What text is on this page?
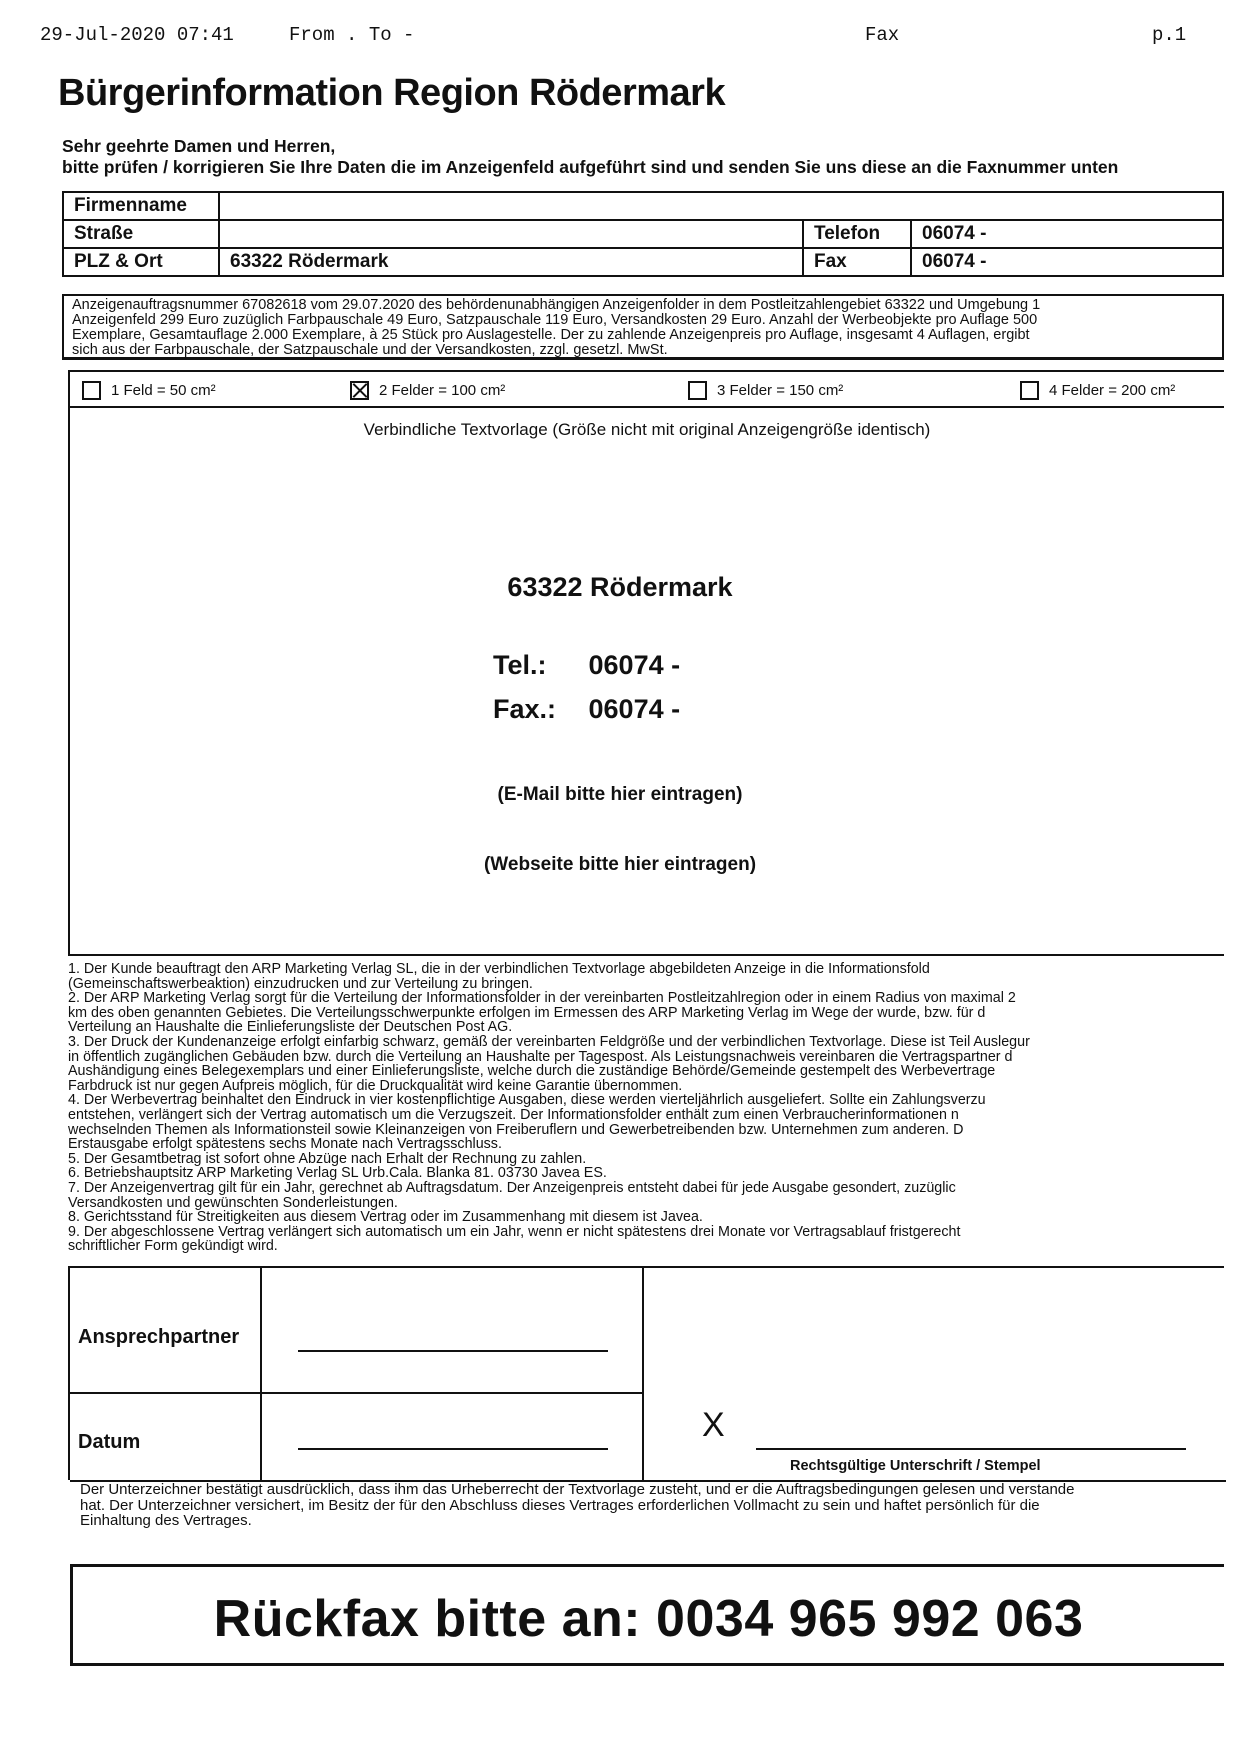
29-Jul-2020 07:41	From . To -	Fax	p.1
Bürgerinformation Region Rödermark
Sehr geehrte Damen und Herren,
bitte prüfen / korrigieren Sie Ihre Daten die im Anzeigenfeld aufgeführt sind und senden Sie uns diese an die Faxnummer unten
Firmenname			
Straße		Telefon	06074 -
PLZ & Ort	63322 Rödermark	Fax	06074 -
Anzeigenauftragsnummer 67082618 vom 29.07.2020 des behördenunabhängigen Anzeigenfolder in dem Postleitzahlengebiet 63322 und Umgebung 1
Anzeigenfeld 299 Euro zuzüglich Farbpauschale 49 Euro, Satzpauschale 119 Euro, Versandkosten 29 Euro. Anzahl der Werbeobjekte pro Auflage 500
Exemplare, Gesamtauflage 2.000 Exemplare, à 25 Stück pro Auslagestelle. Der zu zahlende Anzeigenpreis pro Auflage, insgesamt 4 Auflagen, ergibt
sich aus der Farbpauschale, der Satzpauschale und der Versandkosten, zzgl. gesetzl. MwSt.
1 Feld = 50 cm²	2 Felder = 100 cm²	3 Felder = 150 cm²	4 Felder = 200 cm²
Verbindliche Textvorlage (Größe nicht mit original Anzeigengröße identisch)
63322 Rödermark
Tel.: 06074 -
Fax.: 06074 -
(E-Mail bitte hier eintragen)
(Webseite bitte hier eintragen)

1. Der Kunde beauftragt den ARP Marketing Verlag SL, die in der verbindlichen Textvorlage abgebildeten Anzeige in die Informationsfold

(Gemeinschaftswerbeaktion) einzudrucken und zur Verteilung zu bringen.

2. Der ARP Marketing Verlag sorgt für die Verteilung der Informationsfolder in der vereinbarten Postleitzahlregion oder in einem Radius von maximal 2

km des oben genannten Gebietes. Die Verteilungsschwerpunkte erfolgen im Ermessen des ARP Marketing Verlag im Wege der wurde, bzw. für d

Verteilung an Haushalte die Einlieferungsliste der Deutschen Post AG.

3. Der Druck der Kundenanzeige erfolgt einfarbig schwarz, gemäß der vereinbarten Feldgröße und der verbindlichen Textvorlage. Diese ist Teil Auslegur

in öffentlich zugänglichen Gebäuden bzw. durch die Verteilung an Haushalte per Tagespost. Als Leistungsnachweis vereinbaren die Vertragspartner d

Aushändigung eines Belegexemplars und einer Einlieferungsliste, welche durch die zuständige Behörde/Gemeinde gestempelt des Werbevertrage

Farbdruck ist nur gegen Aufpreis möglich, für die Druckqualität wird keine Garantie übernommen.

4. Der Werbevertrag beinhaltet den Eindruck in vier kostenpflichtige Ausgaben, diese werden vierteljährlich ausgeliefert. Sollte ein Zahlungsverzu

entstehen, verlängert sich der Vertrag automatisch um die Verzugszeit. Der Informationsfolder enthält zum einen Verbraucherinformationen n

wechselnden Themen als Informationsteil sowie Kleinanzeigen von Freiberuflern und Gewerbetreibenden bzw. Unternehmen zum anderen. D

Erstausgabe erfolgt spätestens sechs Monate nach Vertragsschluss.

5. Der Gesamtbetrag ist sofort ohne Abzüge nach Erhalt der Rechnung zu zahlen.

6. Betriebshauptsitz ARP Marketing Verlag SL Urb.Cala. Blanka 81. 03730 Javea ES.

7. Der Anzeigenvertrag gilt für ein Jahr, gerechnet ab Auftragsdatum. Der Anzeigenpreis entsteht dabei für jede Ausgabe gesondert, zuzüglic

Versandkosten und gewünschten Sonderleistungen.

8. Gerichtsstand für Streitigkeiten aus diesem Vertrag oder im Zusammenhang mit diesem ist Javea.

9. Der abgeschlossene Vertrag verlängert sich automatisch um ein Jahr, wenn er nicht spätestens drei Monate vor Vertragsablauf fristgerecht

schriftlicher Form gekündigt wird.

Ansprechpartner
Datum	X
Rechtsgültige Unterschrift / Stempel
Der Unterzeichner bestätigt ausdrücklich, dass ihm das Urheberrecht der Textvorlage zusteht, und er die Auftragsbedingungen gelesen und verstande
hat. Der Unterzeichner versichert, im Besitz der für den Abschluss dieses Vertrages erforderlichen Vollmacht zu sein und haftet persönlich für die
Einhaltung des Vertrages.
Rückfax bitte an: 0034 965 992 063
